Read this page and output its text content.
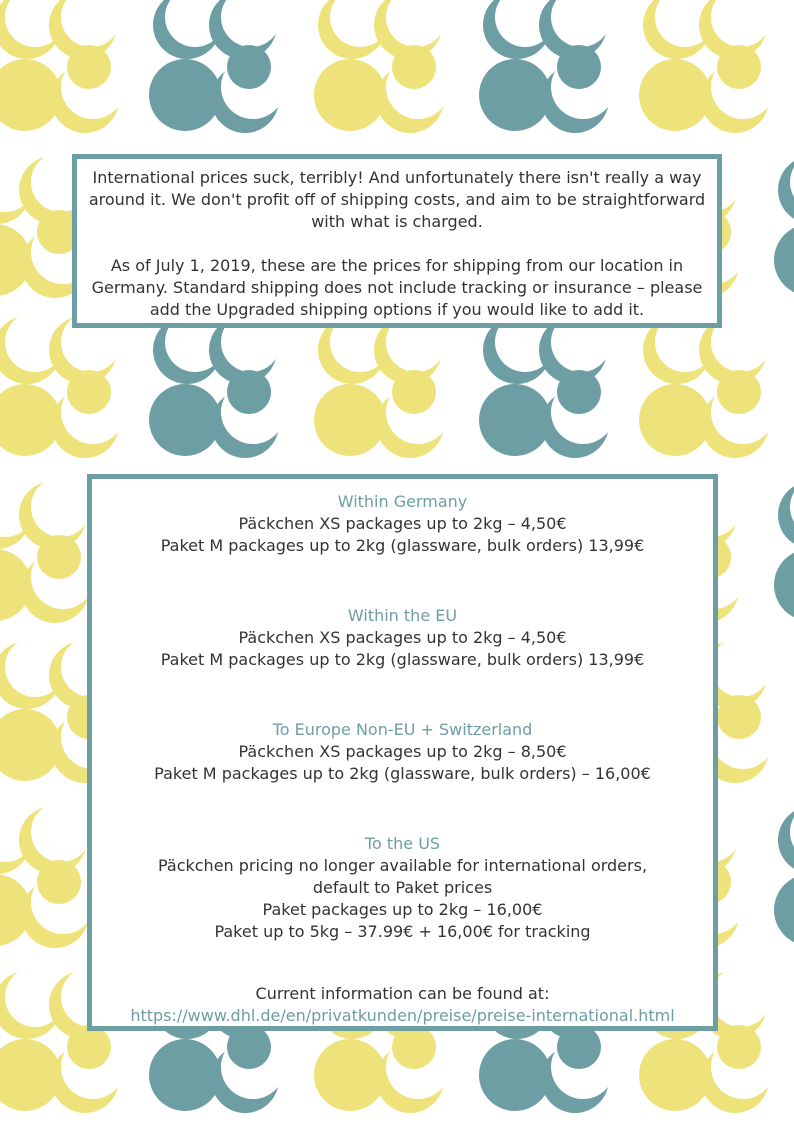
International prices suck, terribly! And unfortunately there isn't really a way around it. We don't profit off of shipping costs, and aim to be straightforward with what is charged.

As of July 1, 2019, these are the prices for shipping from our location in Germany. Standard shipping does not include tracking or insurance – please add the Upgraded shipping options if you would like to add it.

Within Germany
Päckchen XS packages up to 2kg – 4,50€
Paket M packages up to 2kg (glassware, bulk orders) 13,99€
Within the EU
Päckchen XS packages up to 2kg – 4,50€
Paket M packages up to 2kg (glassware, bulk orders) 13,99€
To Europe Non-EU + Switzerland
Päckchen XS packages up to 2kg – 8,50€
Paket M packages up to 2kg (glassware, bulk orders) – 16,00€
To the US
Päckchen pricing no longer available for international orders,
default to Paket prices
Paket packages up to 2kg – 16,00€
Paket up to 5kg – 37.99€ + 16,00€ for tracking
Current information can be found at:
https://www.dhl.de/en/privatkunden/preise/preise-international.html
